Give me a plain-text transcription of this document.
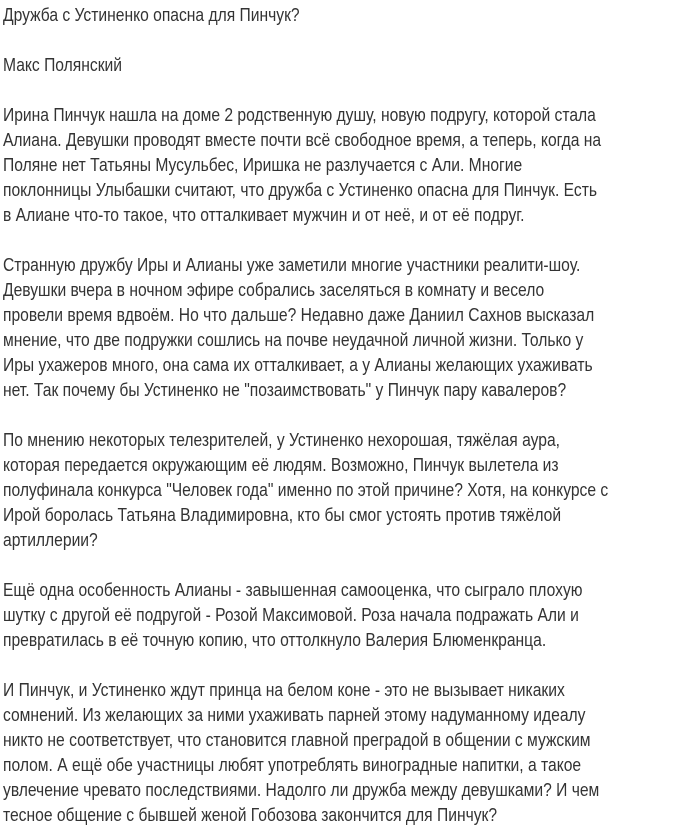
Дружба с Устиненко опасна для Пинчук?
Макс Полянский
Ирина Пинчук нашла на доме 2 родственную душу, новую подругу, которой стала
Алиана. Девушки проводят вместе почти всё свободное время, а теперь, когда на
Поляне нет Татьяны Мусульбес, Иришка не разлучается с Али. Многие
поклонницы Улыбашки считают, что дружба с Устиненко опасна для Пинчук. Есть
в Алиане что-то такое, что отталкивает мужчин и от неё, и от её подруг.
Странную дружбу Иры и Алианы уже заметили многие участники реалити-шоу.
Девушки вчера в ночном эфире собрались заселяться в комнату и весело
провели время вдвоём. Но что дальше? Недавно даже Даниил Сахнов высказал
мнение, что две подружки сошлись на почве неудачной личной жизни. Только у
Иры ухажеров много, она сама их отталкивает, а у Алианы желающих ухаживать
нет. Так почему бы Устиненко не "позаимствовать" у Пинчук пару кавалеров?
По мнению некоторых телезрителей, у Устиненко нехорошая, тяжёлая аура,
которая передается окружающим её людям. Возможно, Пинчук вылетела из
полуфинала конкурса "Человек года" именно по этой причине? Хотя, на конкурсе с
Ирой боролась Татьяна Владимировна, кто бы смог устоять против тяжёлой
артиллерии?
Ещё одна особенность Алианы - завышенная самооценка, что сыграло плохую
шутку с другой её подругой - Розой Максимовой. Роза начала подражать Али и
превратилась в её точную копию, что оттолкнуло Валерия Блюменкранца.
И Пинчук, и Устиненко ждут принца на белом коне - это не вызывает никаких
сомнений. Из желающих за ними ухаживать парней этому надуманному идеалу
никто не соответствует, что становится главной преградой в общении с мужским
полом. А ещё обе участницы любят употреблять виноградные напитки, а такое
увлечение чревато последствиями. Надолго ли дружба между девушками? И чем
тесное общение с бывшей женой Гобозова закончится для Пинчук?
